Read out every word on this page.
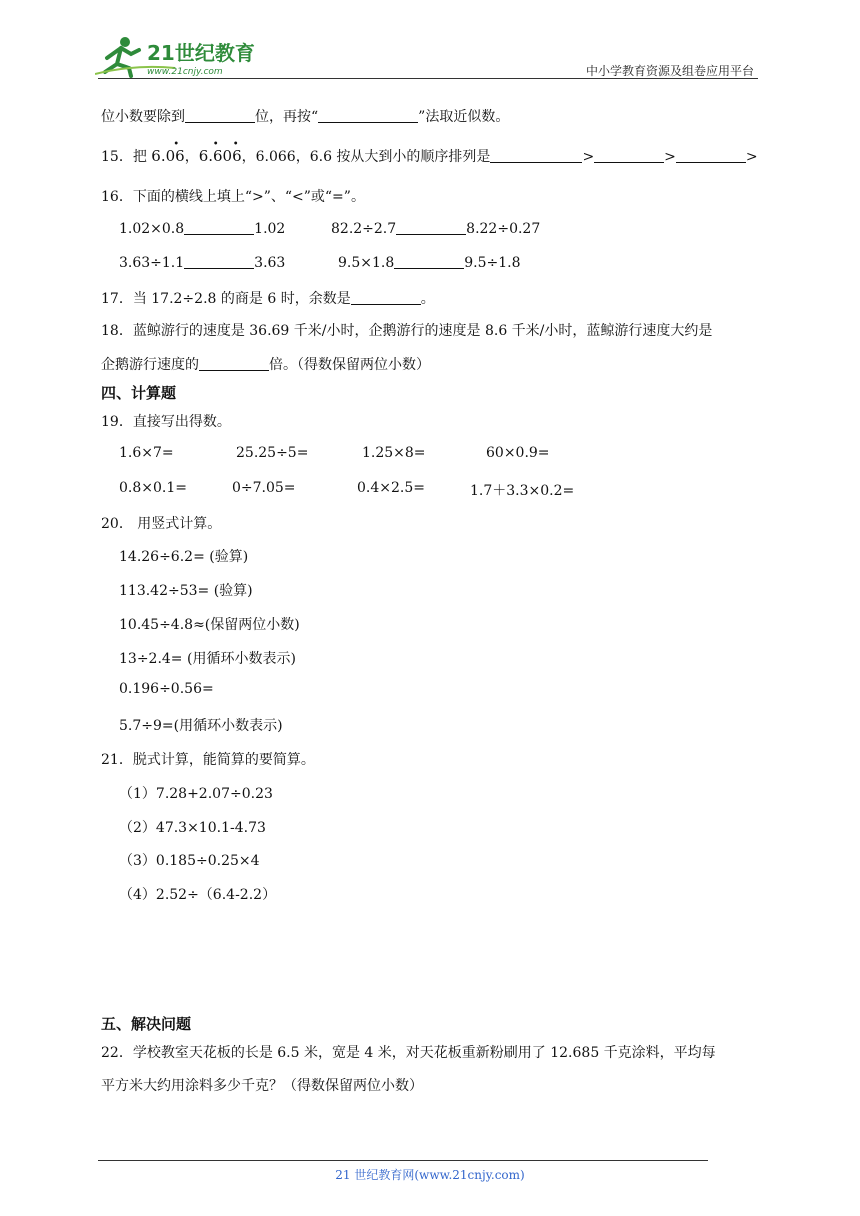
21世纪教育
www.21cnjy.com	中小学教育资源及组卷应用平台
位小数要除到	位，再按“	”法取近似数。
15．把
•
6.06，
• •
6.606，6.066，6.6 按从大到小的顺序排列是	>	>	>
16．下面的横线上填上“>”、“<”或“=”。
1.02×0.8	1.02	82.2÷2.7	8.22÷0.27
3.63÷1.1	3.63	9.5×1.8	9.5÷1.8
17．当 17.2÷2.8 的商是 6 时，余数是	。
18．蓝鲸游行的速度是 36.69 千米/小时，企鹅游行的速度是 8.6 千米/小时，蓝鲸游行速度大约是
企鹅游行速度的	倍。（得数保留两位小数）
四、计算题
19．直接写出得数。
1.6×7=	25.25÷5=	1.25×8=	60×0.9=
0.8×0.1=	0÷7.05=	0.4×2.5=	1.7＋3.3×0.2=
20． 用竖式计算。
14.26÷6.2= (验算)
113.42÷53= (验算)
10.45÷4.8≈(保留两位小数)
13÷2.4= (用循环小数表示)
0.196÷0.56=
5.7÷9=(用循环小数表示)
21．脱式计算，能简算的要简算。
（1）7.28+2.07÷0.23
（2）47.3×10.1-4.73
（3）0.185÷0.25×4
（4）2.52÷（6.4-2.2）
五、解决问题
22．学校教室天花板的长是 6.5 米，宽是 4 米，对天花板重新粉刷用了 12.685 千克涂料，平均每
平方米大约用涂料多少千克？（得数保留两位小数）
21 世纪教育网(www.21cnjy.com)
